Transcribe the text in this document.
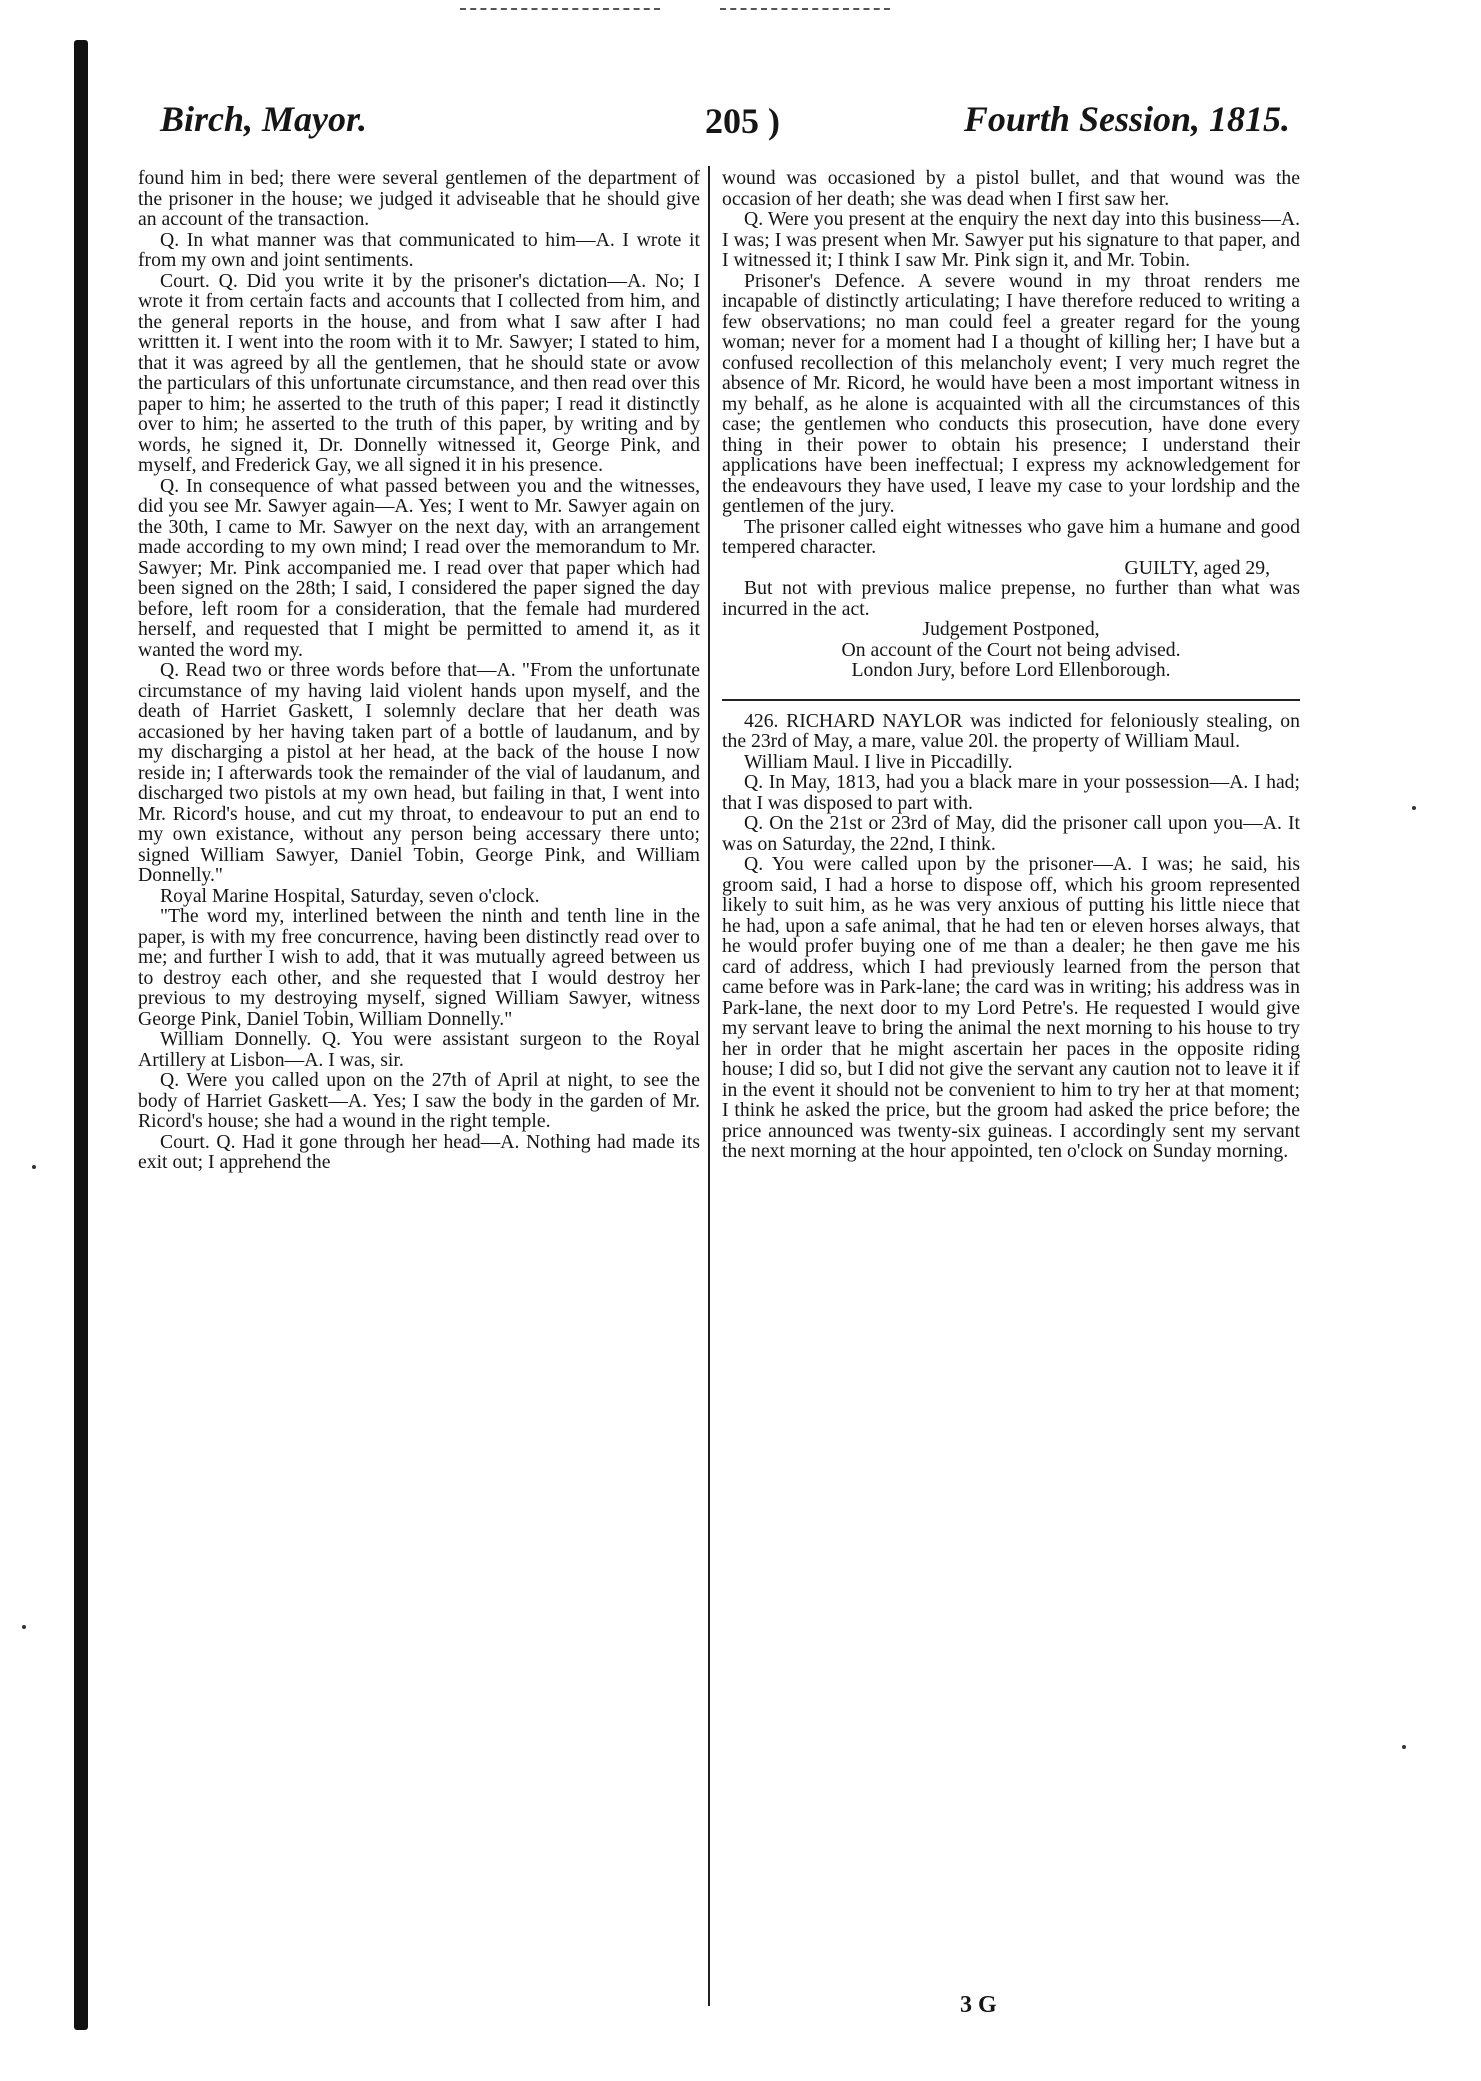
Birch, Mayor.	205 )	Fourth Session, 1815.

found him in bed; there were several gentlemen of the department of the prisoner in the house; we judged it adviseable that he should give an account of the transaction.

Q. In what manner was that communicated to him—A. I wrote it from my own and joint sentiments.

Court. Q. Did you write it by the prisoner's dictation—A. No; I wrote it from certain facts and accounts that I collected from him, and the general reports in the house, and from what I saw after I had writtten it. I went into the room with it to Mr. Sawyer; I stated to him, that it was agreed by all the gentlemen, that he should state or avow the particulars of this unfortunate circumstance, and then read over this paper to him; he asserted to the truth of this paper; I read it distinctly over to him; he asserted to the truth of this paper, by writing and by words, he signed it, Dr. Donnelly witnessed it, George Pink, and myself, and Frederick Gay, we all signed it in his presence.

Q. In consequence of what passed between you and the witnesses, did you see Mr. Sawyer again—A. Yes; I went to Mr. Sawyer again on the 30th, I came to Mr. Sawyer on the next day, with an arrangement made according to my own mind; I read over the memorandum to Mr. Sawyer; Mr. Pink accompanied me. I read over that paper which had been signed on the 28th; I said, I considered the paper signed the day before, left room for a consideration, that the female had murdered herself, and requested that I might be permitted to amend it, as it wanted the word my.

Q. Read two or three words before that—A. "From the unfortunate circumstance of my having laid violent hands upon myself, and the death of Harriet Gaskett, I solemnly declare that her death was accasioned by her having taken part of a bottle of laudanum, and by my discharging a pistol at her head, at the back of the house I now reside in; I afterwards took the remainder of the vial of laudanum, and discharged two pistols at my own head, but failing in that, I went into Mr. Ricord's house, and cut my throat, to endeavour to put an end to my own existance, without any person being accessary there unto; signed William Sawyer, Daniel Tobin, George Pink, and William Donnelly."

Royal Marine Hospital, Saturday, seven o'clock.

"The word my, interlined between the ninth and tenth line in the paper, is with my free concurrence, having been distinctly read over to me; and further I wish to add, that it was mutually agreed between us to destroy each other, and she requested that I would destroy her previous to my destroying myself, signed William Sawyer, witness George Pink, Daniel Tobin, William Donnelly."

William Donnelly. Q. You were assistant surgeon to the Royal Artillery at Lisbon—A. I was, sir.

Q. Were you called upon on the 27th of April at night, to see the body of Harriet Gaskett—A. Yes; I saw the body in the garden of Mr. Ricord's house; she had a wound in the right temple.

Court. Q. Had it gone through her head—A. Nothing had made its exit out; I apprehend the

wound was occasioned by a pistol bullet, and that wound was the occasion of her death; she was dead when I first saw her.

Q. Were you present at the enquiry the next day into this business—A. I was; I was present when Mr. Sawyer put his signature to that paper, and I witnessed it; I think I saw Mr. Pink sign it, and Mr. Tobin.

Prisoner's Defence. A severe wound in my throat renders me incapable of distinctly articulating; I have therefore reduced to writing a few observations; no man could feel a greater regard for the young woman; never for a moment had I a thought of killing her; I have but a confused recollection of this melancholy event; I very much regret the absence of Mr. Ricord, he would have been a most important witness in my behalf, as he alone is acquainted with all the circumstances of this case; the gentlemen who conducts this prosecution, have done every thing in their power to obtain his presence; I understand their applications have been ineffectual; I express my acknowledgement for the endeavours they have used, I leave my case to your lordship and the gentlemen of the jury.

The prisoner called eight witnesses who gave him a humane and good tempered character.

GUILTY, aged 29,

But not with previous malice prepense, no further than what was incurred in the act.

Judgement Postponed,

On account of the Court not being advised.

London Jury, before Lord Ellenborough.

426. RICHARD NAYLOR was indicted for feloniously stealing, on the 23rd of May, a mare, value 20l. the property of William Maul.

William Maul. I live in Piccadilly.

Q. In May, 1813, had you a black mare in your possession—A. I had; that I was disposed to part with.

Q. On the 21st or 23rd of May, did the prisoner call upon you—A. It was on Saturday, the 22nd, I think.

Q. You were called upon by the prisoner—A. I was; he said, his groom said, I had a horse to dispose off, which his groom represented likely to suit him, as he was very anxious of putting his little niece that he had, upon a safe animal, that he had ten or eleven horses always, that he would profer buying one of me than a dealer; he then gave me his card of address, which I had previously learned from the person that came before was in Park-lane; the card was in writing; his address was in Park-lane, the next door to my Lord Petre's. He requested I would give my servant leave to bring the animal the next morning to his house to try her in order that he might ascertain her paces in the opposite riding house; I did so, but I did not give the servant any caution not to leave it if in the event it should not be convenient to him to try her at that moment; I think he asked the price, but the groom had asked the price before; the price announced was twenty-six guineas. I accordingly sent my servant the next morning at the hour appointed, ten o'clock on Sunday morning.

3 G
